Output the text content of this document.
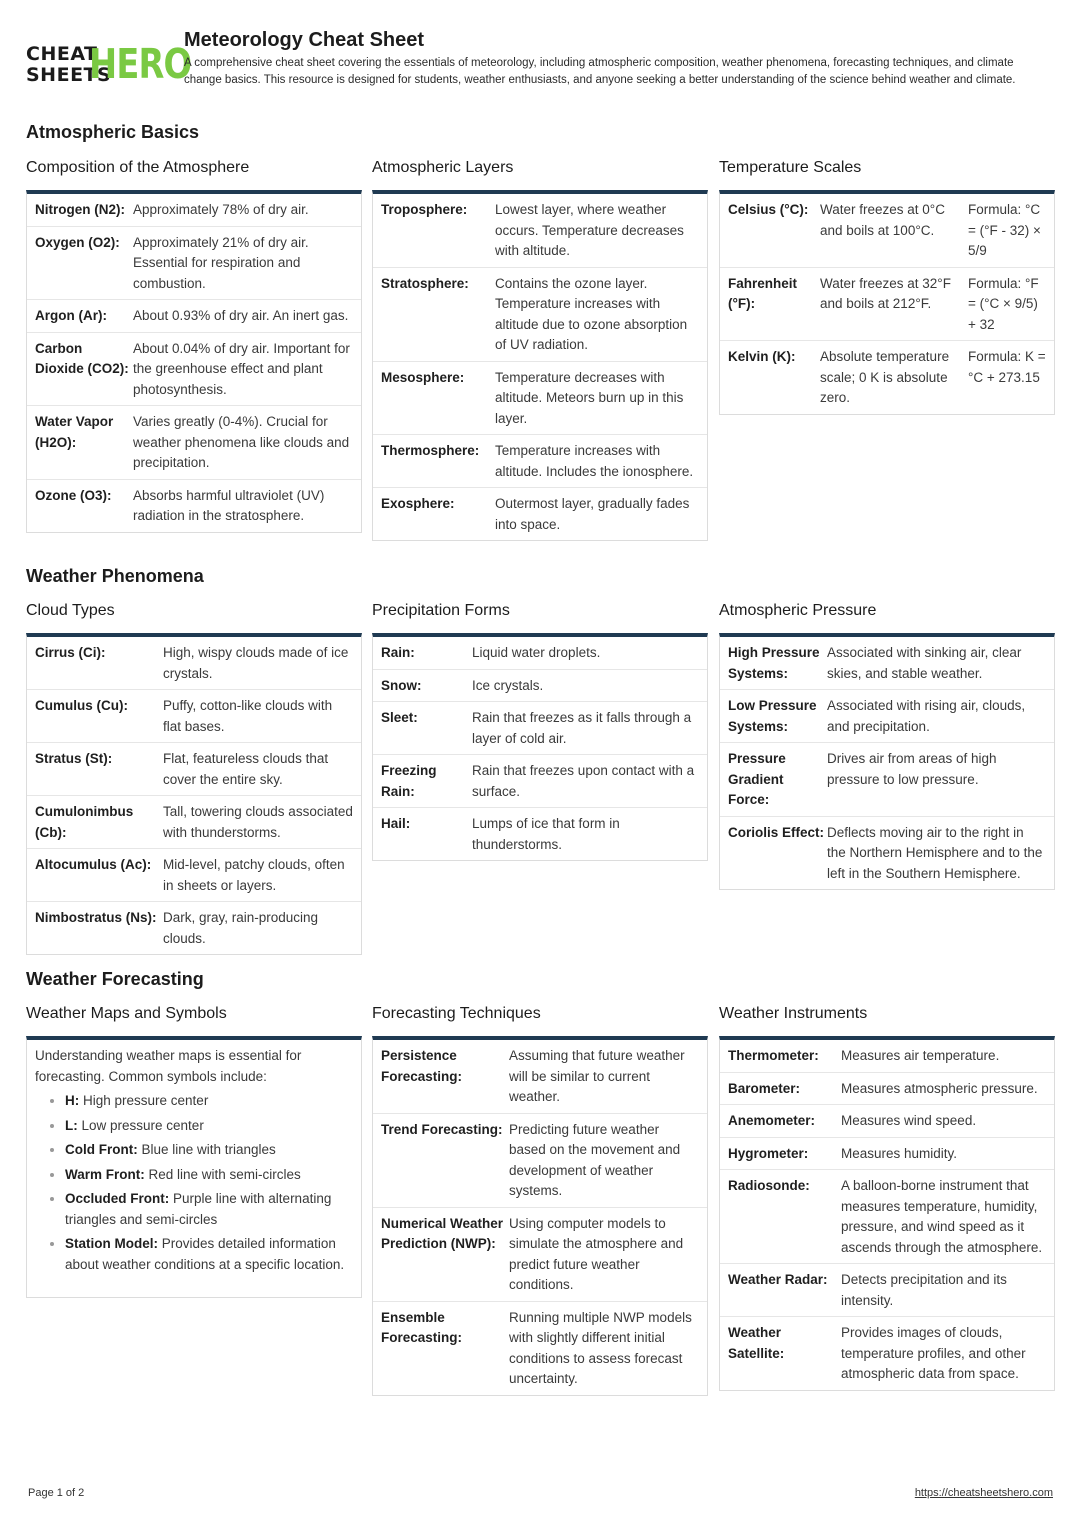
CHEAT
SHEETS
HERO
Meteorology Cheat Sheet

A comprehensive cheat sheet covering the essentials of meteorology, including atmospheric composition, weather phenomena, forecasting techniques, and climate change basics. This resource is designed for students, weather enthusiasts, and anyone seeking a better understanding of the science behind weather and climate.

Atmospheric Basics
Composition of the Atmosphere
Nitrogen (N2): Approximately 78% of dry air.
Oxygen (O2): Approximately 21% of dry air. Essential for respiration and combustion.
Argon (Ar):	About 0.93% of dry air. An inert gas.
Carbon Dioxide (CO2):
About 0.04% of dry air. Important for the greenhouse effect and plant photosynthesis.
Water Vapor (H2O):
Varies greatly (0-4%). Crucial for weather phenomena like clouds and precipitation.
Ozone (O3):	Absorbs harmful ultraviolet (UV) radiation in the stratosphere.
Atmospheric Layers
Troposphere:	Lowest layer, where weather occurs. Temperature decreases with altitude.
Stratosphere:	Contains the ozone layer. Temperature increases with altitude due to ozone absorption of UV radiation.
Mesosphere:	Temperature decreases with altitude. Meteors burn up in this layer.
Thermosphere:	Temperature increases with altitude. Includes the ionosphere.
Exosphere:	Outermost layer, gradually fades into space.
Temperature Scales
Celsius (°C): Water freezes at 0°C and boils at 100°C.
Formula: °C = (°F - 32) × 5/9
Fahrenheit (°F):
Water freezes at 32°F and boils at 212°F.
Formula: °F = (°C × 9/5) + 32
Kelvin (K):	Absolute temperature scale; 0 K is absolute zero.
Formula: K = °C + 273.15
Weather Phenomena
Cloud Types
Cirrus (Ci):	High, wispy clouds made of ice crystals.
Cumulus (Cu):	Puffy, cotton-like clouds with flat bases.
Stratus (St):	Flat, featureless clouds that cover the entire sky.
Cumulonimbus (Cb):
Tall, towering clouds associated with thunderstorms.
Altocumulus (Ac): Mid-level, patchy clouds, often in sheets or layers.
Nimbostratus (Ns): Dark, gray, rain-producing clouds.
Precipitation Forms
Rain:	Liquid water droplets.
Snow:	Ice crystals.
Sleet:	Rain that freezes as it falls through a layer of cold air.
Freezing Rain:
Rain that freezes upon contact with a surface.
Hail:	Lumps of ice that form in thunderstorms.
Atmospheric Pressure
High Pressure Systems:
Associated with sinking air, clear skies, and stable weather.
Low Pressure Systems:
Associated with rising air, clouds, and precipitation.
Pressure Gradient Force:
Drives air from areas of high pressure to low pressure.
Coriolis Effect: Deflects moving air to the right in the Northern Hemisphere and to the left in the Southern Hemisphere.
Weather Forecasting
Weather Maps and Symbols
Understanding weather maps is essential for forecasting. Common symbols include:
• H: High pressure center
• L: Low pressure center
• Cold Front: Blue line with triangles
• Warm Front: Red line with semi-circles
• Occluded Front: Purple line with alternating triangles and semi-circles
• Station Model: Provides detailed information about weather conditions at a specific location.
Forecasting Techniques
Persistence Forecasting:
Assuming that future weather will be similar to current weather.
Trend Forecasting: Predicting future weather based on the movement and development of weather systems.
Numerical Weather Prediction (NWP):
Using computer models to simulate the atmosphere and predict future weather conditions.
Ensemble Forecasting:
Running multiple NWP models with slightly different initial conditions to assess forecast uncertainty.
Weather Instruments
Thermometer:	Measures air temperature.
Barometer:	Measures atmospheric pressure.
Anemometer:	Measures wind speed.
Hygrometer:	Measures humidity.
Radiosonde:	A balloon-borne instrument that measures temperature, humidity, pressure, and wind speed as it ascends through the atmosphere.
Weather Radar: Detects precipitation and its intensity.
Weather Satellite:
Provides images of clouds, temperature profiles, and other atmospheric data from space.
Page 1 of 2	https://cheatsheetshero.com
